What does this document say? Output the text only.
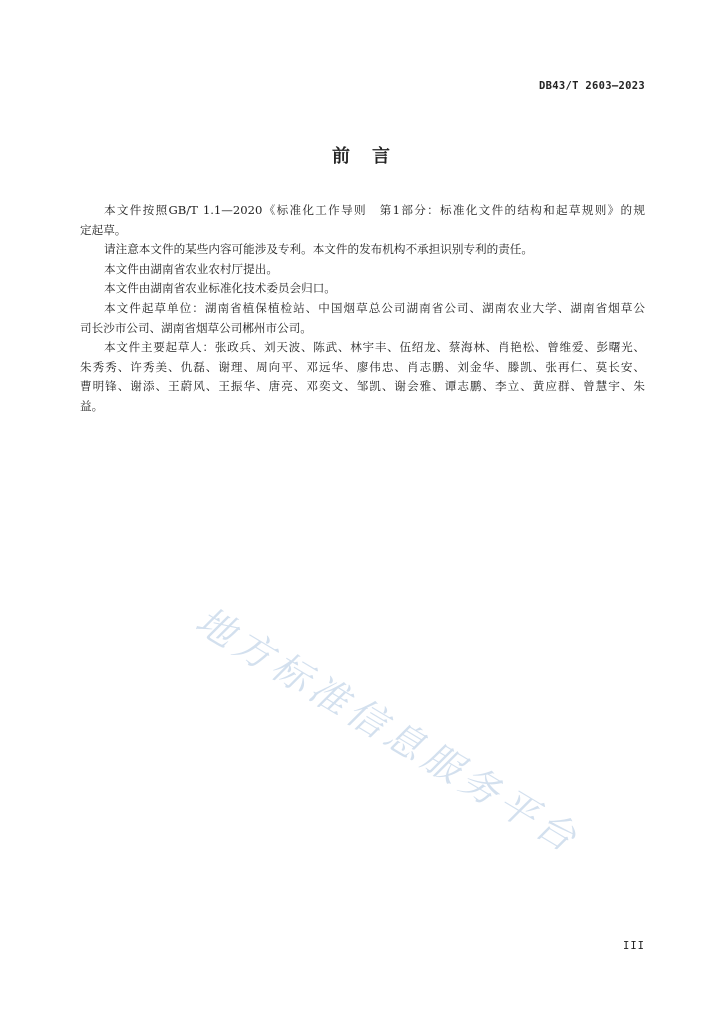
DB43/T 2603—2023
前　言
本文件按照GB/T 1.1—2020《标准化工作导则　第1部分：标准化文件的结构和起草规则》的规
定起草。
请注意本文件的某些内容可能涉及专利。本文件的发布机构不承担识别专利的责任。
本文件由湖南省农业农村厅提出。
本文件由湖南省农业标准化技术委员会归口。
本文件起草单位：湖南省植保植检站、中国烟草总公司湖南省公司、湖南农业大学、湖南省烟草公
司长沙市公司、湖南省烟草公司郴州市公司。
本文件主要起草人：张政兵、刘天波、陈武、林宇丰、伍绍龙、蔡海林、肖艳松、曾维爱、彭曙光、
朱秀秀、许秀美、仇磊、谢理、周向平、邓远华、廖伟忠、肖志鹏、刘金华、滕凯、张再仁、莫长安、
曹明锋、谢添、王蔚风、王振华、唐亮、邓奕文、邹凯、谢会雅、谭志鹏、李立、黄应群、曾慧宇、朱
益。
地方标准信息服务平台
III
